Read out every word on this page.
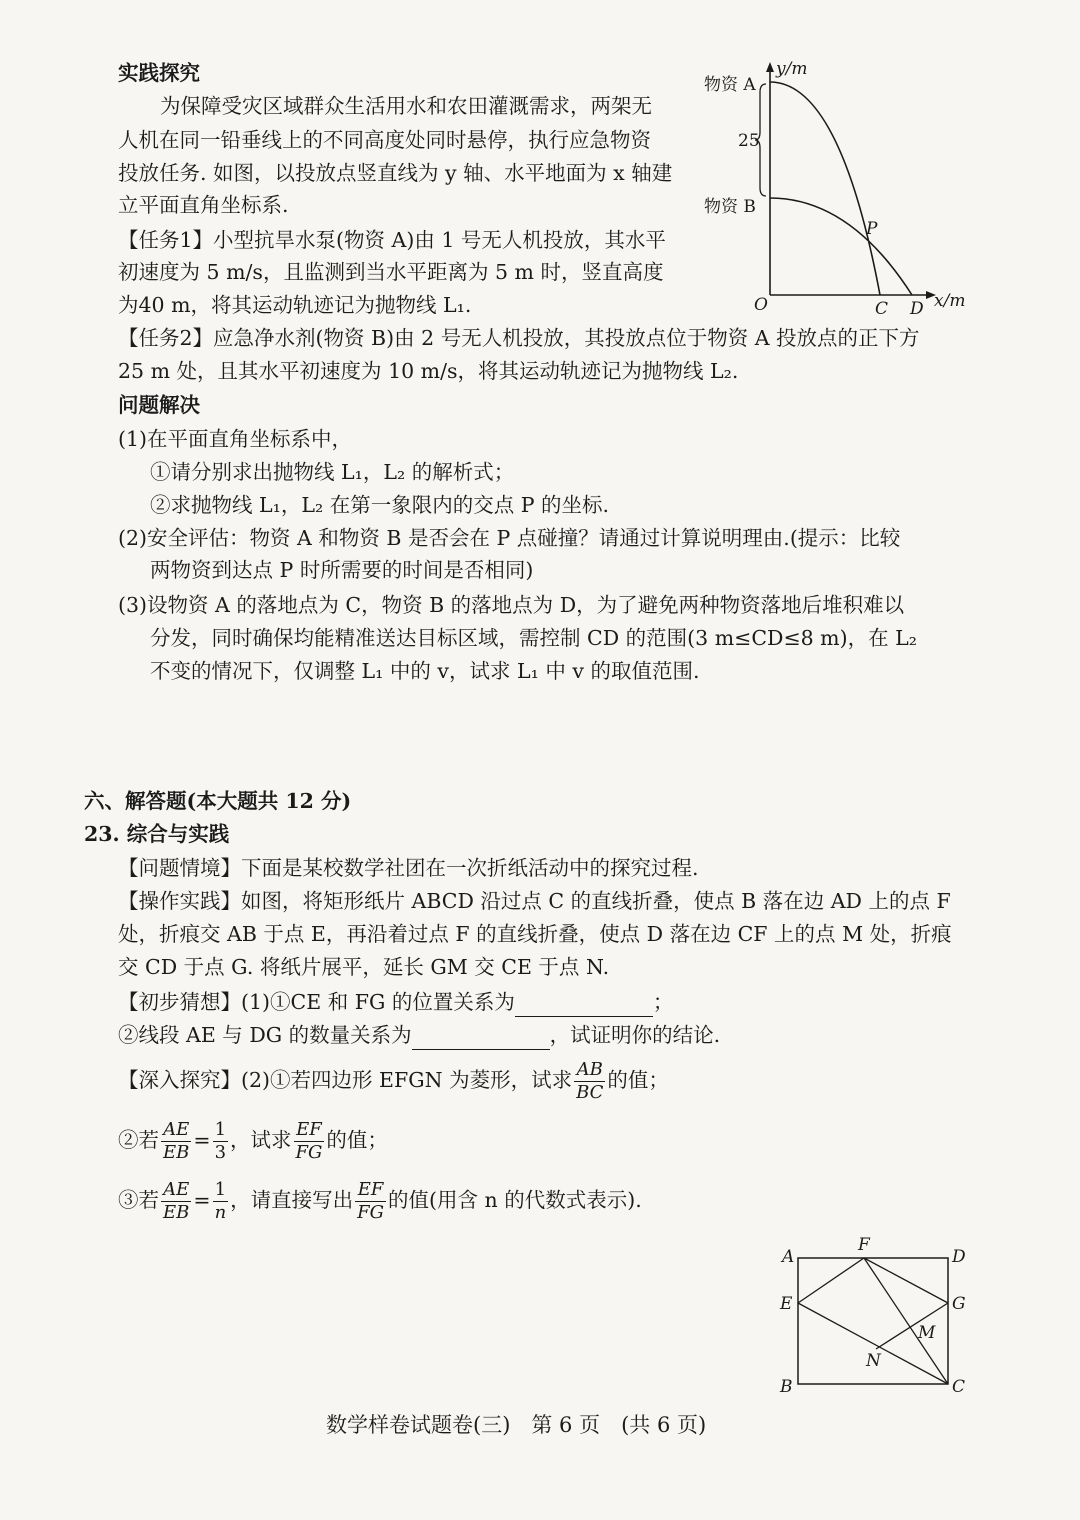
实践探究
为保障受灾区域群众生活用水和农田灌溉需求，两架无
人机在同一铅垂线上的不同高度处同时悬停，执行应急物资
投放任务. 如图，以投放点竖直线为 y 轴、水平地面为 x 轴建
立平面直角坐标系.
【任务1】小型抗旱水泵(物资 A)由 1 号无人机投放，其水平
初速度为 5 m/s，且监测到当水平距离为 5 m 时，竖直高度
为40 m，将其运动轨迹记为抛物线 L₁.
【任务2】应急净水剂(物资 B)由 2 号无人机投放，其投放点位于物资 A 投放点的正下方
25 m 处，且其水平初速度为 10 m/s，将其运动轨迹记为抛物线 L₂.
问题解决
(1)在平面直角坐标系中，
①请分别求出抛物线 L₁，L₂ 的解析式；
②求抛物线 L₁，L₂ 在第一象限内的交点 P 的坐标.
(2)安全评估：物资 A 和物资 B 是否会在 P 点碰撞？请通过计算说明理由.(提示：比较
两物资到达点 P 时所需要的时间是否相同)
(3)设物资 A 的落地点为 C，物资 B 的落地点为 D，为了避免两种物资落地后堆积难以
分发，同时确保均能精准送达目标区域，需控制 CD 的范围(3 m≤CD≤8 m)，在 L₂
不变的情况下，仅调整 L₁ 中的 v，试求 L₁ 中 v 的取值范围.
y/m
x/m
物资 A
物资 B
25
O
P
C D
六、解答题(本大题共 12 分)
23. 综合与实践
【问题情境】下面是某校数学社团在一次折纸活动中的探究过程.
【操作实践】如图，将矩形纸片 ABCD 沿过点 C 的直线折叠，使点 B 落在边 AD 上的点 F
处，折痕交 AB 于点 E，再沿着过点 F 的直线折叠，使点 D 落在边 CF 上的点 M 处，折痕
交 CD 于点 G. 将纸片展平，延长 GM 交 CE 于点 N.
【初步猜想】(1)①CE 和 FG 的位置关系为	；
②线段 AE 与 DG 的数量关系为	，试证明你的结论.
【深入探究】(2)①若四边形 EFGN 为菱形，试求 $\frac{AB}{BC}$ 的值；
②若 $\frac{AE}{EB} = \frac{1}{3}$ ，试求 $\frac{EF}{FG}$ 的值；
③若 $\frac{AE}{EB} = \frac{1}{n}$ ，请直接写出 $\frac{EF}{FG}$ 的值(用含 n 的代数式表示).
A
F
D
E	G
M
N
B	C
数学样卷试题卷(三)　第 6 页　(共 6 页)
